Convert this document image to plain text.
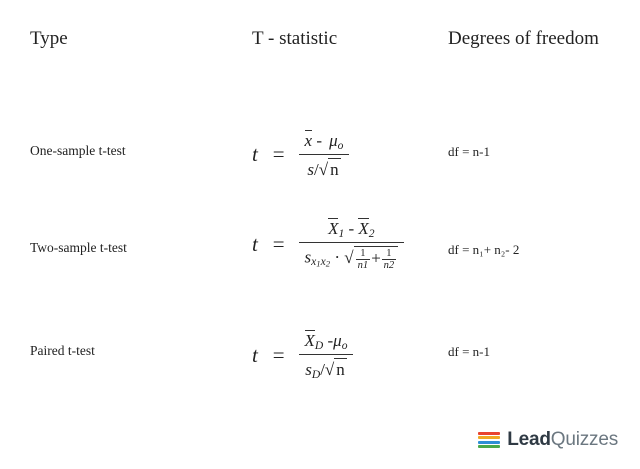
Type	T - statistic	Degrees of freedom
One-sample t-test	$t = \frac{x - \mu_o}{s/√ n}$	df = n-1
Two-sample t-test	$t = \frac{X_1 - X_2}{s_{x1x2} \cdot √ \frac{1}{n1} + \frac{1}{n2}}$	df = n₁+ n₂- 2
Paired t-test	$t = \frac{X_D -\mu_o}{s_D/√ n}$	df = n-1
LeadQuizzes
